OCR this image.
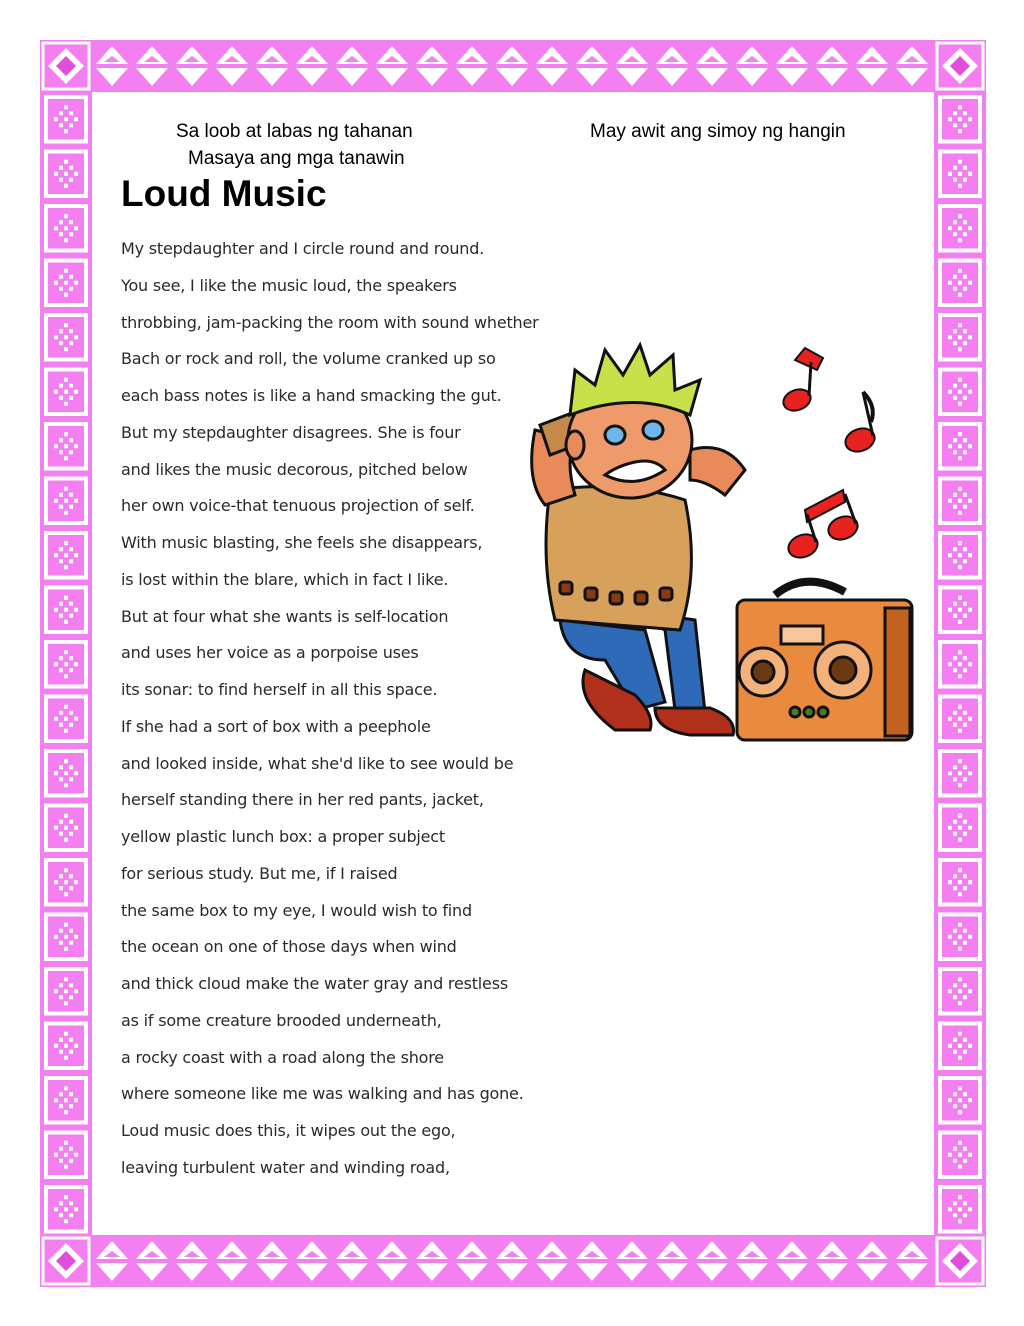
Sa loob at labas ng tahanan
Masaya ang mga tanawin
May awit ang simoy ng hangin
Loud Music
My stepdaughter and I circle round and round.
You see, I like the music loud, the speakers
throbbing, jam-packing the room with sound whether
Bach or rock and roll, the volume cranked up so
each bass notes is like a hand smacking the gut.
But my stepdaughter disagrees. She is four
and likes the music decorous, pitched below
her own voice-that tenuous projection of self.
With music blasting, she feels she disappears,
is lost within the blare, which in fact I like.
But at four what she wants is self-location
and uses her voice as a porpoise uses
its sonar: to find herself in all this space.
If she had a sort of box with a peephole
and looked inside, what she'd like to see would be
herself standing there in her red pants, jacket,
yellow plastic lunch box: a proper subject
for serious study. But me, if I raised
the same box to my eye, I would wish to find
the ocean on one of those days when wind
and thick cloud make the water gray and restless
as if some creature brooded underneath,
a rocky coast with a road along the shore
where someone like me was walking and has gone.
Loud music does this, it wipes out the ego,
leaving turbulent water and winding road,
